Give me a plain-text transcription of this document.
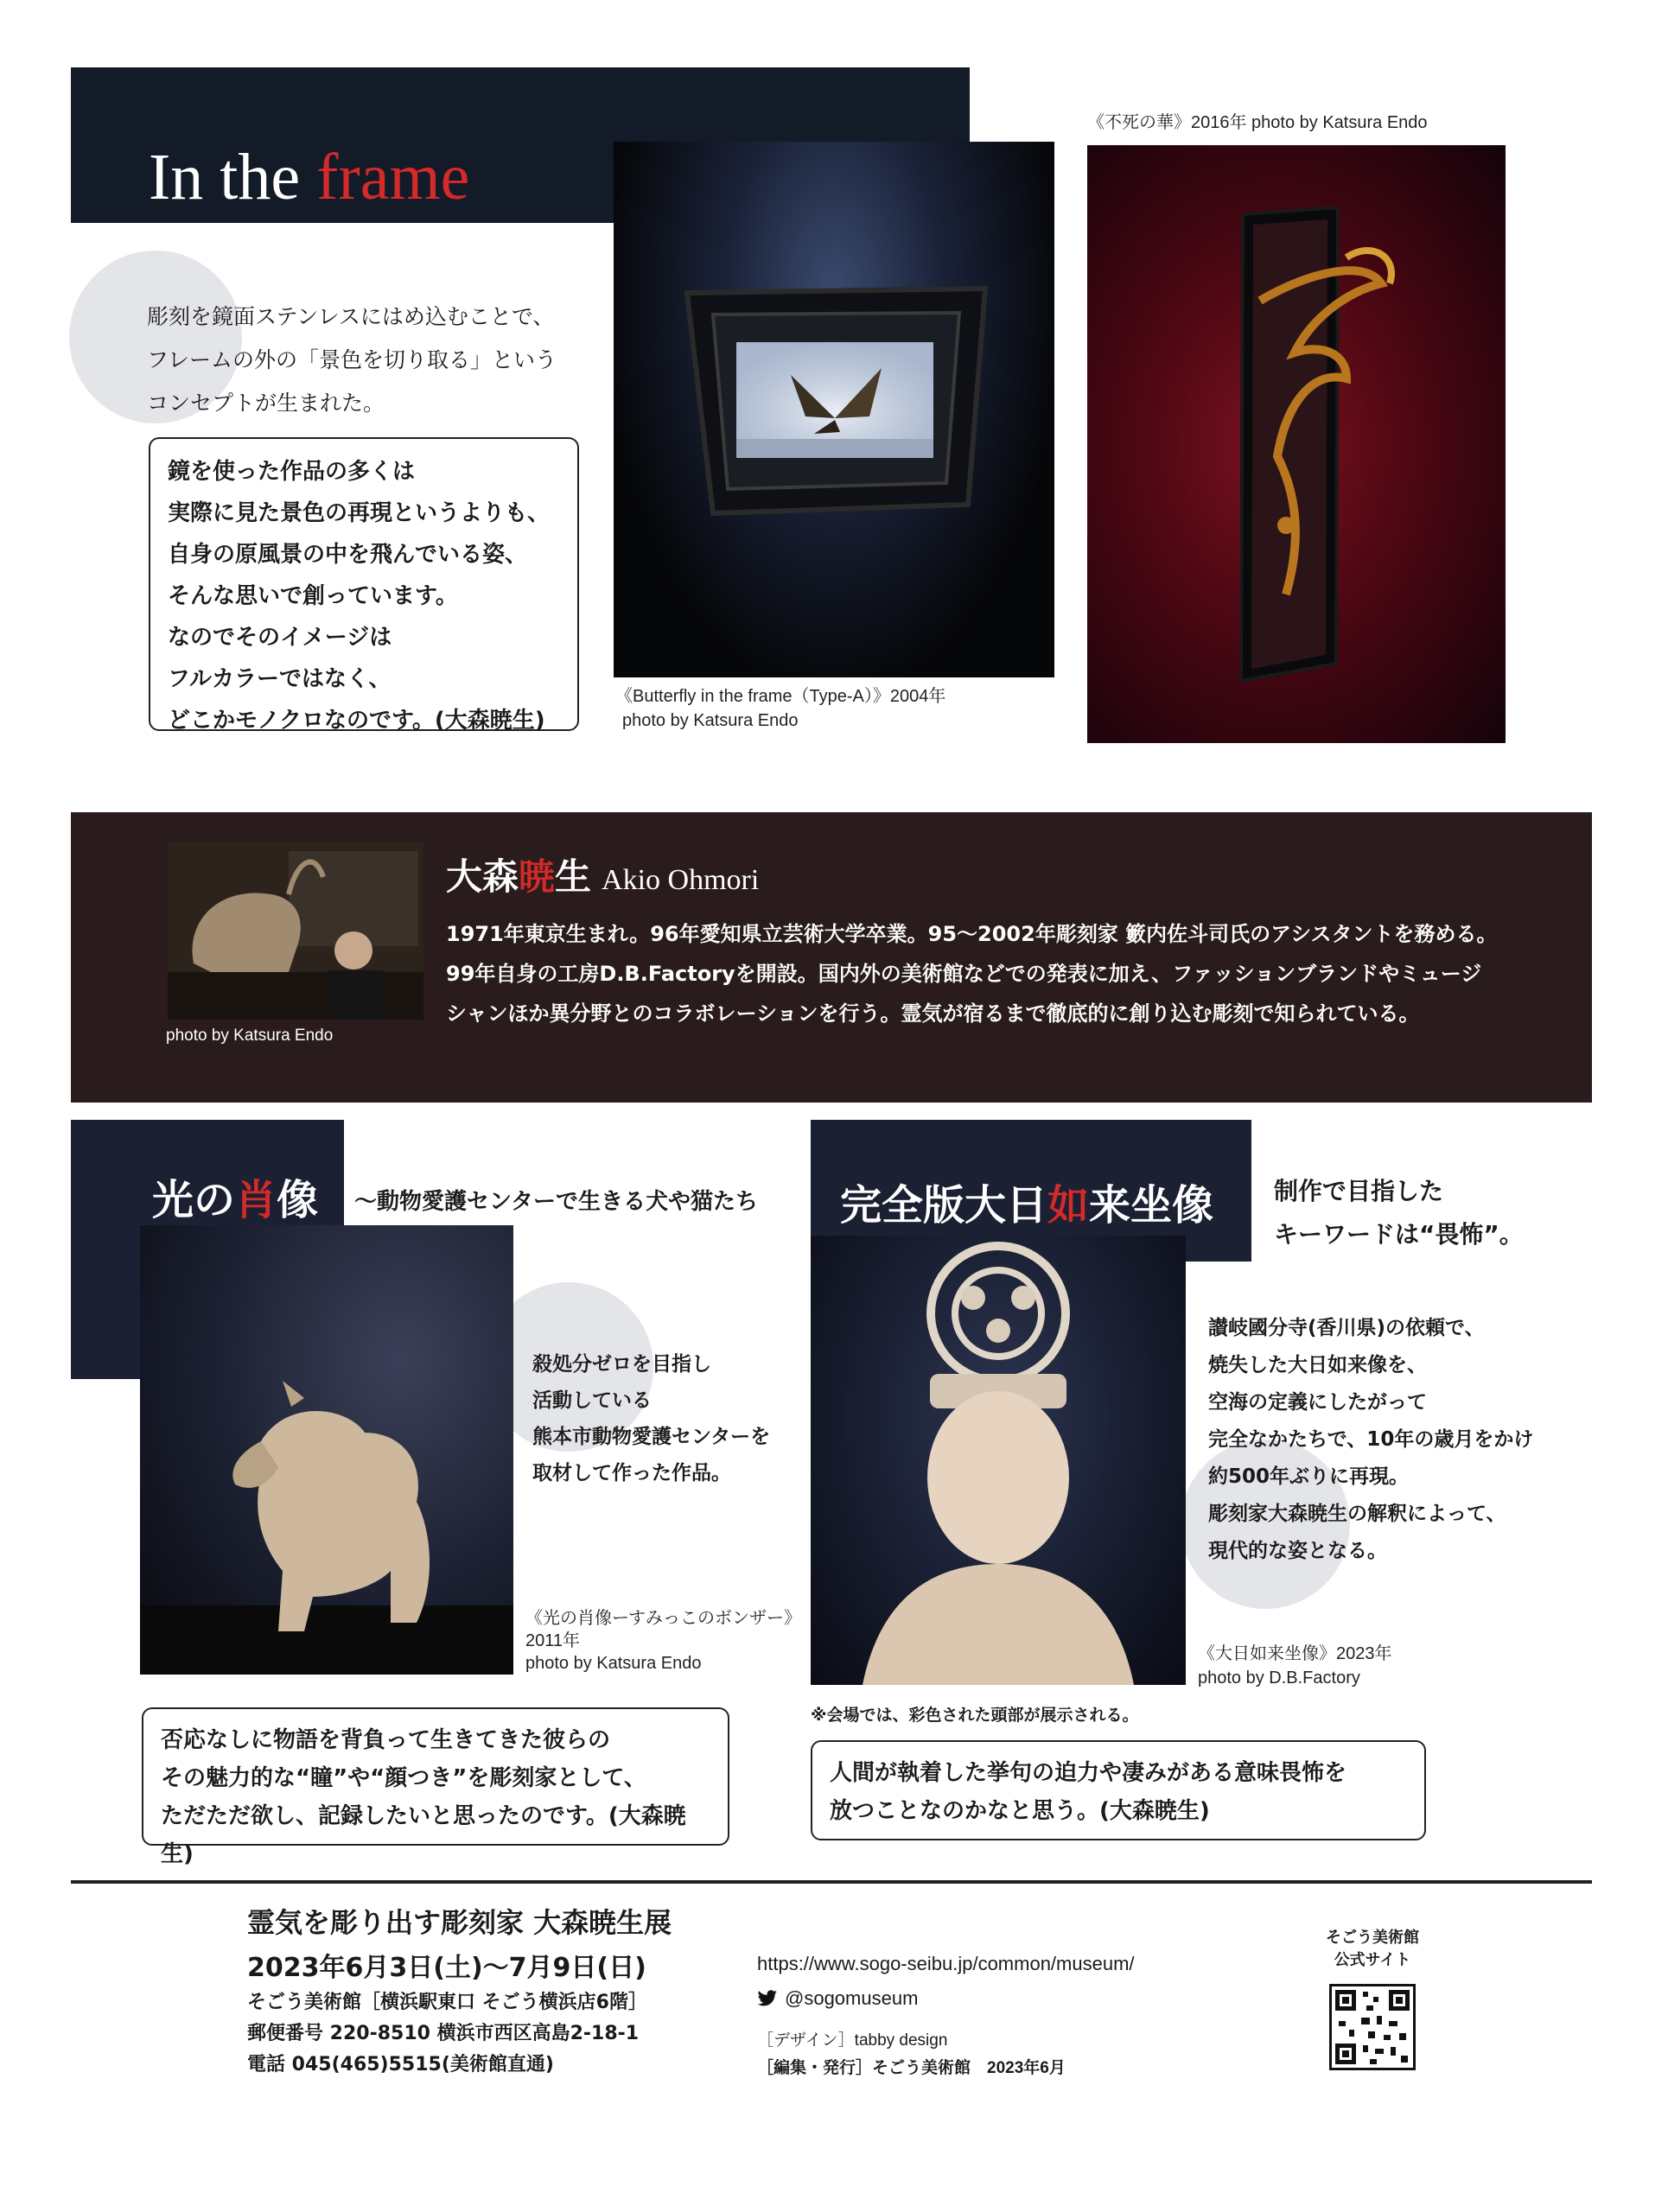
In the frame
彫刻を鏡面ステンレスにはめ込むことで、
フレームの外の「景色を切り取る」という
コンセプトが生まれた。
鏡を使った作品の多くは
実際に見た景色の再現というよりも、
自身の原風景の中を飛んでいる姿、
そんな思いで創っています。
なのでそのイメージは
フルカラーではなく、
どこかモノクロなのです。(大森暁生)
《Butterfly in the frame（Type-A）》2004年
photo by Katsura Endo
《不死の華》2016年 photo by Katsura Endo
photo by Katsura Endo
大森暁生 Akio Ohmori
1971年東京生まれ。96年愛知県立芸術大学卒業。95～2002年彫刻家 籔内佐斗司氏のアシスタントを務める。
99年自身の工房D.B.Factoryを開設。国内外の美術館などでの発表に加え、ファッションブランドやミュージ
シャンほか異分野とのコラボレーションを行う。霊気が宿るまで徹底的に創り込む彫刻で知られている。
光の肖像 ～動物愛護センターで生きる犬や猫たち
殺処分ゼロを目指し
活動している
熊本市動物愛護センターを
取材して作った作品。
《光の肖像ーすみっこのボンザー》
2011年
photo by Katsura Endo
否応なしに物語を背負って生きてきた彼らの
その魅力的な“瞳”や“顔つき”を彫刻家として、
ただただ欲し、記録したいと思ったのです。(大森暁生)
完全版大日如来坐像 制作で目指した
キーワードは“畏怖”。
讃岐國分寺(香川県)の依頼で、
焼失した大日如来像を、
空海の定義にしたがって
完全なかたちで、10年の歳月をかけ
約500年ぶりに再現。
彫刻家大森暁生の解釈によって、
現代的な姿となる。
《大日如来坐像》2023年
photo by D.B.Factory
※会場では、彩色された頭部が展示される。
人間が執着した挙句の迫力や凄みがある意味畏怖を
放つことなのかなと思う。(大森暁生)
霊気を彫り出す彫刻家 大森暁生展
2023年6月3日(土)～7月9日(日)
そごう美術館［横浜駅東口 そごう横浜店6階］
郵便番号 220-8510 横浜市西区高島2-18-1
電話 045(465)5515(美術館直通)
https://www.sogo-seibu.jp/common/museum/
@sogomuseum
［デザイン］tabby design
［編集・発行］そごう美術館　2023年6月
そごう美術館
公式サイト
